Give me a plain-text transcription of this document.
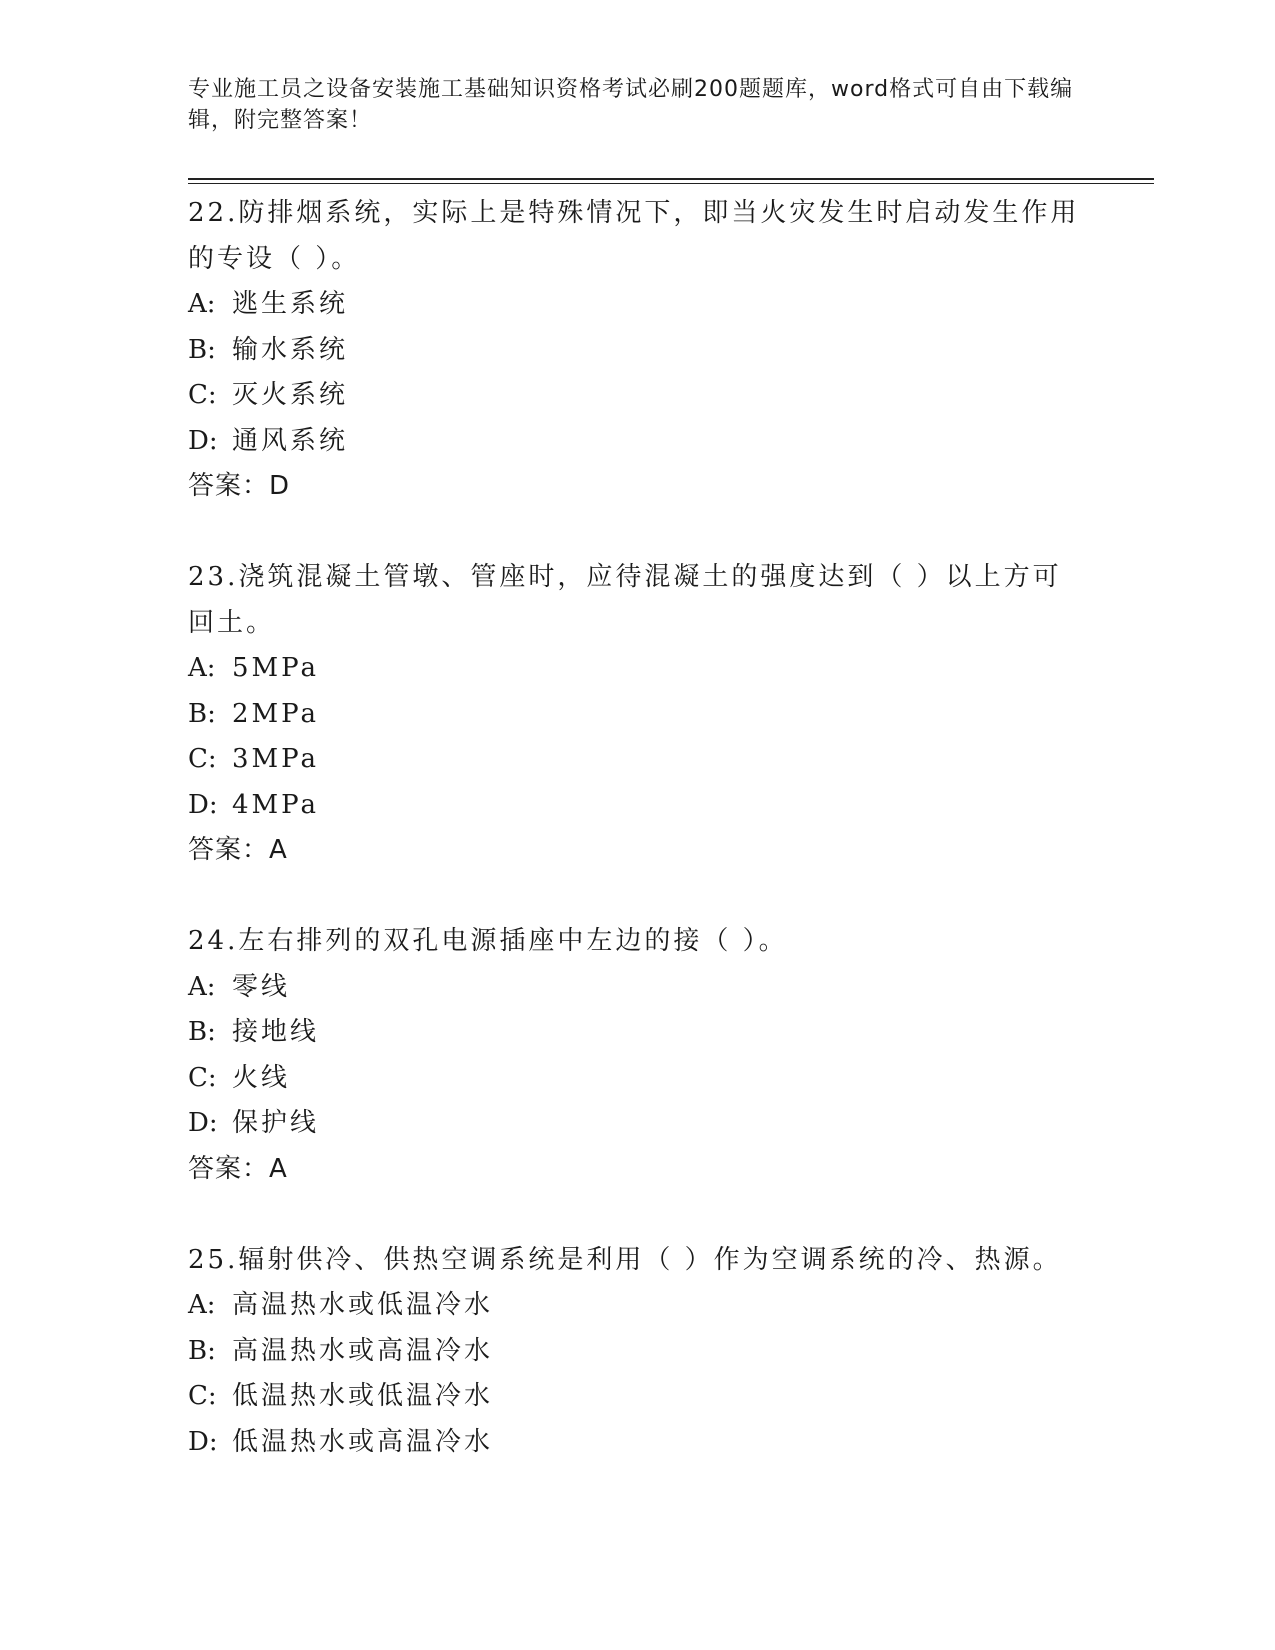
专业施工员之设备安装施工基础知识资格考试必刷200题题库，word格式可自由下载编辑，附完整答案！

22.防排烟系统，实际上是特殊情况下，即当火灾发生时启动发生作用的专设（ ）。

A: 逃生系统

B: 输水系统

C: 灭火系统

D: 通风系统

答案：D

23.浇筑混凝土管墩、管座时，应待混凝土的强度达到（ ）以上方可回土。

A: 5MPa

B: 2MPa

C: 3MPa

D: 4MPa

答案：A

24.左右排列的双孔电源插座中左边的接（ ）。

A: 零线

B: 接地线

C: 火线

D: 保护线

答案：A

25.辐射供冷、供热空调系统是利用（ ）作为空调系统的冷、热源。

A: 高温热水或低温冷水

B: 高温热水或高温冷水

C: 低温热水或低温冷水

D: 低温热水或高温冷水
